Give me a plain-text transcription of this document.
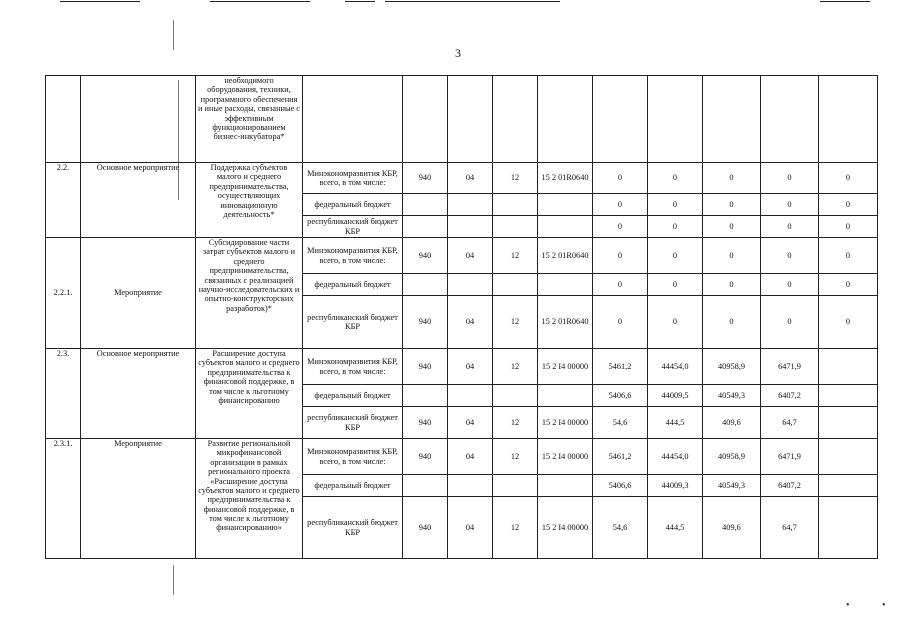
•	•
3
		необходимого оборудования, техники, программного обеспечения и иные расходы, связанные с эффективным функционированием бизнес-инкубатора*										
2.2.	Основное мероприятие	Поддержка субъектов малого и среднего предпринимательства, осуществляющих инновационную деятельность*	Минэкономразвития КБР, всего, в том числе:	940	04	12	15 2 01R0640	0	0	0	0	0
			федеральный бюджет					0	0	0	0	0
			республиканский бюджет КБР					0	0	0	0	0
2.2.1.	Мероприятие	Субсидирование части затрат субъектов малого и среднего предпринимательства, связанных с реализацией научно-исследовательских и опытно-конструкторских разработок)*	Минэкономразвития КБР, всего, в том числе:	940	04	12	15 2 01R0640	0	0	0	0	0
			федеральный бюджет					0	0	0	0	0
			республиканский бюджет КБР	940	04	12	15 2 01R0640	0	0	0	0	0
2.3.	Основное мероприятие	Расширение доступа субъектов малого и среднего предпринимательства к финансовой поддержке, в том числе к льготному финансированию	Минэкономразвития КБР, всего, в том числе:	940	04	12	15 2 I4 00000	5461,2	44454,0	40958,9	6471,9	
			федеральный бюджет					5406,6	44009,5	40549,3	6407,2	
			республиканский бюджет КБР	940	04	12	15 2 I4 00000	54,6	444,5	409,6	64,7	
2.3.1.	Мероприятие	Развитие региональной микрофинансовой организации в рамках регионального проекта «Расширение доступа субъектов малого и среднего предпринимательства к финансовой поддержке, в том числе к льготному финансированию»	Минэкономразвития КБР, всего, в том числе:	940	04	12	15 2 I4 00000	5461,2	44454,0	40958,9	6471,9	
			федеральный бюджет					5406,6	44009,3	40549,3	6407,2	
			республиканский бюджет КБР	940	04	12	15 2 I4 00000	54,6	444,5	409,6	64,7	
